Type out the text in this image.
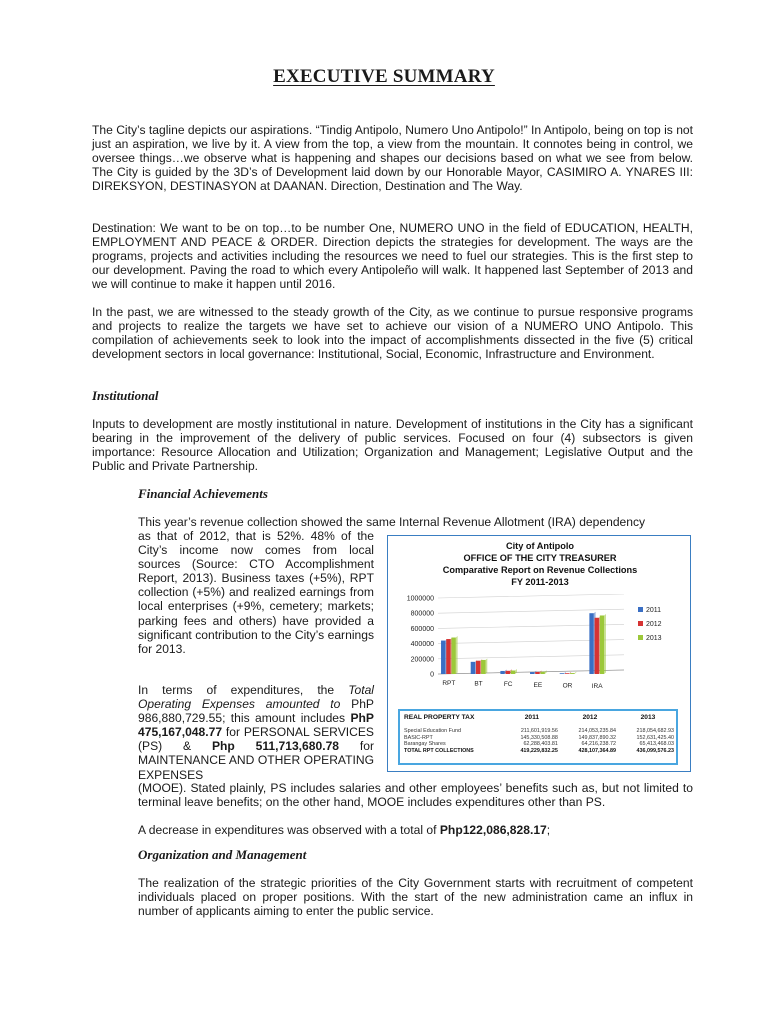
EXECUTIVE SUMMARY

The City’s tagline depicts our aspirations. “Tindig Antipolo, Numero Uno Antipolo!” In Antipolo, being on top is not just an aspiration, we live by it. A view from the top, a view from the mountain. It connotes being in control, we oversee things…we observe what is happening and shapes our decisions based on what we see from below. The City is guided by the 3D’s of Development laid down by our Honorable Mayor, CASIMIRO A. YNARES III: DIREKSYON, DESTINASYON at DAANAN. Direction, Destination and The Way.

Destination: We want to be on top…to be number One, NUMERO UNO in the field of EDUCATION, HEALTH, EMPLOYMENT AND PEACE & ORDER. Direction depicts the strategies for development. The ways are the programs, projects and activities including the resources we need to fuel our strategies. This is the first step to our development. Paving the road to which every Antipoleño will walk. It happened last September of 2013 and we will continue to make it happen until 2016.

In the past, we are witnessed to the steady growth of the City, as we continue to pursue responsive programs and projects to realize the targets we have set to achieve our vision of a NUMERO UNO Antipolo. This compilation of achievements seek to look into the impact of accomplishments dissected in the five (5) critical development sectors in local governance: Institutional, Social, Economic, Infrastructure and Environment.

Institutional

Inputs to development are mostly institutional in nature. Development of institutions in the City has a significant bearing in the improvement of the delivery of public services. Focused on four (4) subsectors is given importance: Resource Allocation and Utilization; Organization and Management; Legislative Output and the Public and Private Partnership.

Financial Achievements

This year’s revenue collection showed the same Internal Revenue Allotment (IRA) dependency

as that of 2012, that is 52%. 48% of the City’s income now comes from local sources (Source: CTO Accomplishment Report, 2013). Business taxes (+5%), RPT collection (+5%) and realized earnings from local enterprises (+9%, cemetery; markets; parking fees and others) have provided a significant contribution to the City’s earnings for 2013.

In terms of expenditures, the Total Operating Expenses amounted to PhP 986,880,729.55; this amount includes PhP 475,167,048.77 for PERSONAL SERVICES (PS) & Php 511,713,680.78 for MAINTENANCE AND OTHER OPERATING EXPENSES

(MOOE). Stated plainly, PS includes salaries and other employees’ benefits such as, but not limited to terminal leave benefits; on the other hand, MOOE includes expenditures other than PS.

A decrease in expenditures was observed with a total of Php122,086,828.17;

Organization and Management

The realization of the strategic priorities of the City Government starts with recruitment of competent individuals placed on proper positions. With the start of the new administration came an influx in number of applicants aiming to enter the public service.

City of Antipolo
OFFICE OF THE CITY TREASURER
Comparative Report on Revenue Collections
FY 2011-2013
1000000
800000
600000
400000
200000
0
RPT	BT	FC	EE	OR	IRA
2011
2012
2013
REAL PROPERTY TAX	2011	2012	2013
Special Education Fund	211,601,919.56	214,053,235.84	218,054,682.93
BASIC-RPT	145,330,508.88	149,837,890.32	152,631,425.40
Barangay Shares	62,288,403.81	64,216,238.72	65,413,468.03
TOTAL RPT COLLECTIONS	419,229,832.25	428,107,364.89	436,099,576.23
